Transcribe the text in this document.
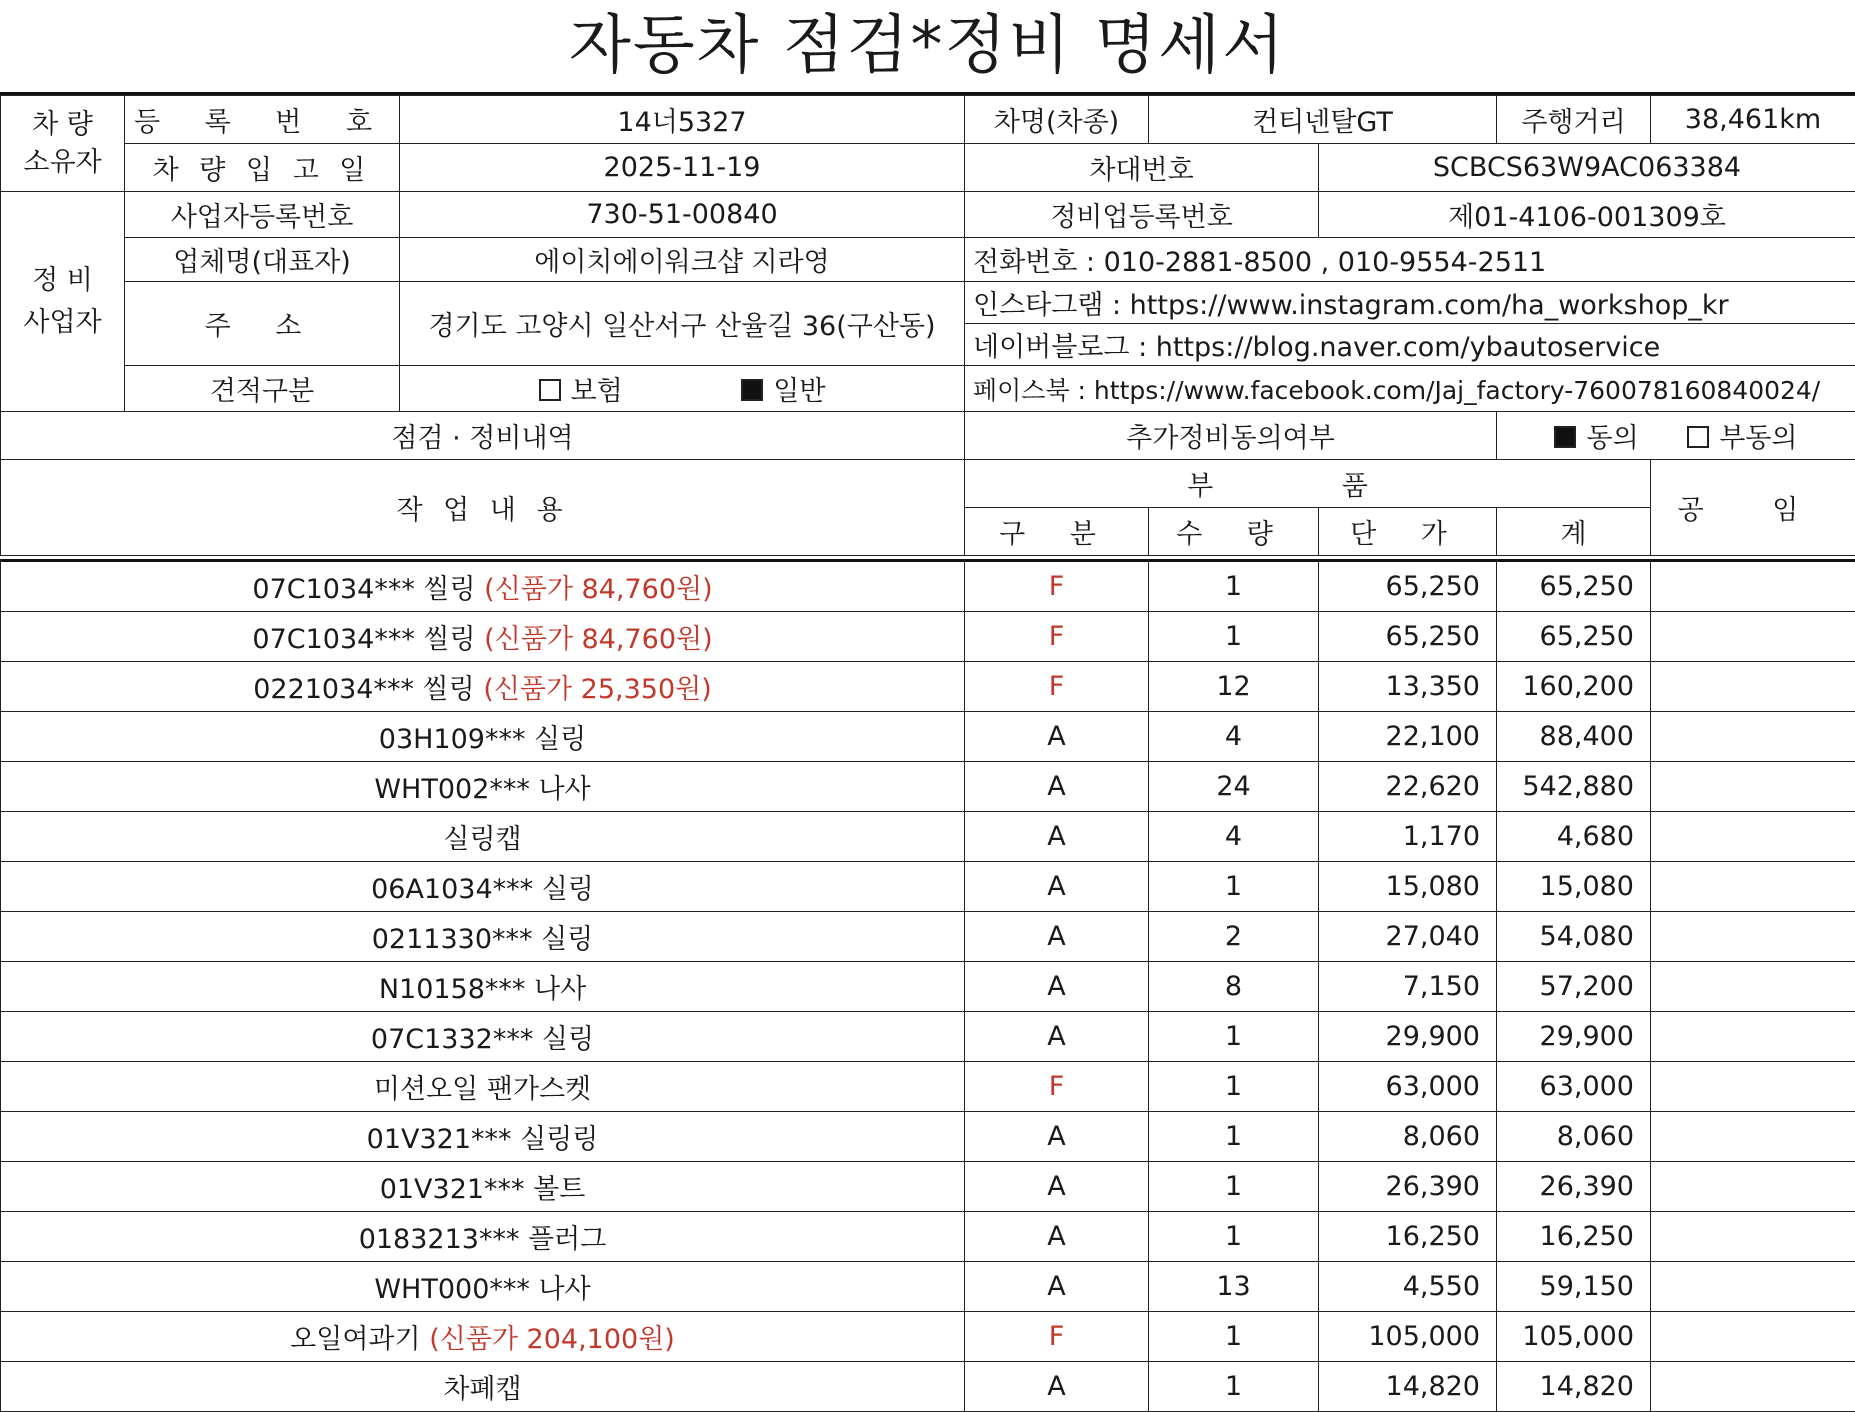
자동차 점검*정비 명세서
차 량
소유자	등 록 번 호	14너5327	차명(차종)	컨티넨탈GT		주행거리	38,461km
	차 량 입 고 일	2025-11-19	차대번호		SCBCS63W9AC063384		
정 비
사업자	사업자등록번호	730-51-00840	정비업등록번호		제01-4106-001309호		
	업체명(대표자)	에이치에이워크샵 지라영	전화번호 : 010-2881-8500 , 010-9554-2511				
	주 소	경기도 고양시 일산서구 산율길 36(구산동)	인스타그램 : https://www.instagram.com/ha_workshop_kr				
			네이버블로그 : https://blog.naver.com/ybautoservice				
	견적구분	보험 일반	페이스북 : https://www.facebook.com/Jaj_factory-760078160840024/				
점검 · 정비내역			추가정비동의여부			동의 부동의	
작 업 내 용			부 품				공 임
			구 분	수 량	단 가	계	
07C1034*** 씰링 (신품가 84,760원)	F	1	65,250	65,250	
07C1034*** 씰링 (신품가 84,760원)	F	1	65,250	65,250	
0221034*** 씰링 (신품가 25,350원)	F	12	13,350	160,200	
03H109*** 실링	A	4	22,100	88,400	
WHT002*** 나사	A	24	22,620	542,880	
실링캡	A	4	1,170	4,680	
06A1034*** 실링	A	1	15,080	15,080	
0211330*** 실링	A	2	27,040	54,080	
N10158*** 나사	A	8	7,150	57,200	
07C1332*** 실링	A	1	29,900	29,900	
미션오일 팬가스켓	F	1	63,000	63,000	
01V321*** 실링링	A	1	8,060	8,060	
01V321*** 볼트	A	1	26,390	26,390	
0183213*** 플러그	A	1	16,250	16,250	
WHT000*** 나사	A	13	4,550	59,150	
오일여과기 (신품가 204,100원)	F	1	105,000	105,000	
차폐캡	A	1	14,820	14,820	
